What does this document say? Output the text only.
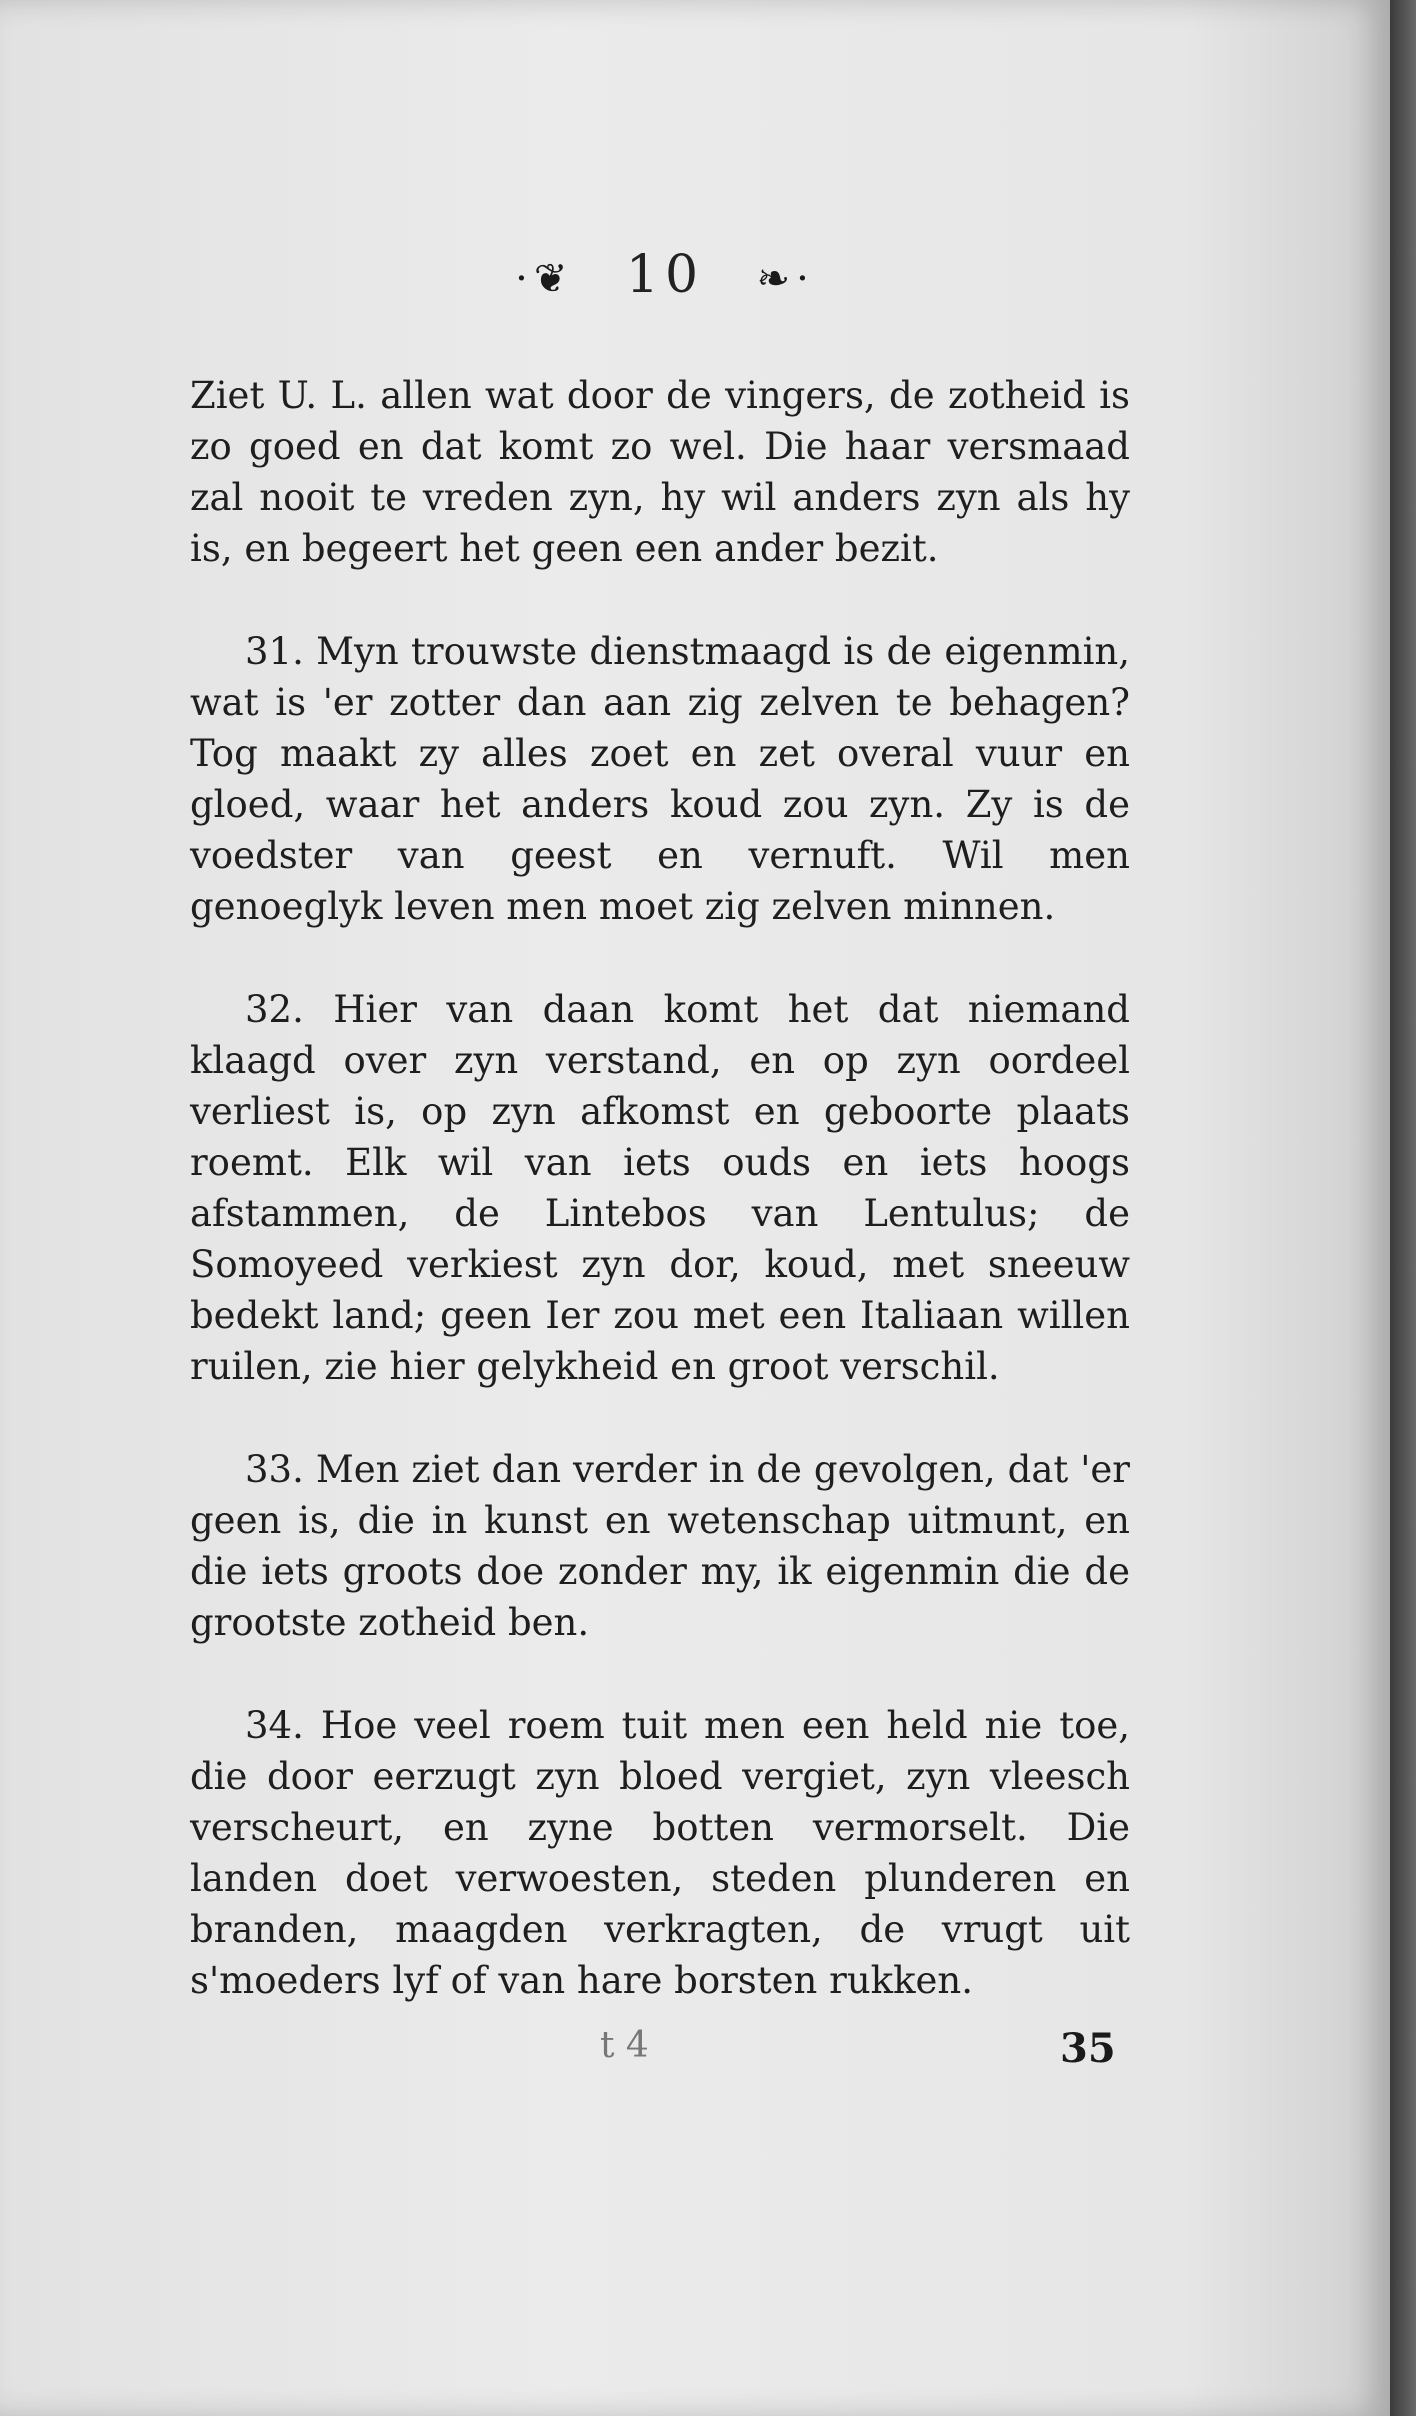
·❦ 10 ❧·

Ziet U. L. allen wat door de vingers, de zotheid is zo goed en dat komt zo wel. Die haar versmaad zal nooit te vreden zyn, hy wil anders zyn als hy is, en begeert het geen een ander bezit.

31. Myn trouwste dienstmaagd is de eigenmin, wat is 'er zotter dan aan zig zelven te behagen? Tog maakt zy alles zoet en zet overal vuur en gloed, waar het anders koud zou zyn. Zy is de voedster van geest en vernuft. Wil men genoeglyk leven men moet zig zelven minnen.

32. Hier van daan komt het dat niemand klaagd over zyn verstand, en op zyn oordeel verliest is, op zyn afkomst en geboorte plaats roemt. Elk wil van iets ouds en iets hoogs afstammen, de Lintebos van Lentulus; de Somoyeed verkiest zyn dor, koud, met sneeuw bedekt land; geen Ier zou met een Italiaan willen ruilen, zie hier gelykheid en groot verschil.

33. Men ziet dan verder in de gevolgen, dat 'er geen is, die in kunst en wetenschap uitmunt, en die iets groots doe zonder my, ik eigenmin die de grootste zotheid ben.

34. Hoe veel roem tuit men een held nie toe, die door eerzugt zyn bloed vergiet, zyn vleesch verscheurt, en zyne botten vermorselt. Die landen doet verwoesten, steden plunderen en branden, maagden verkragten, de vrugt uit s'moeders lyf of van hare borsten rukken.

t 4	35
